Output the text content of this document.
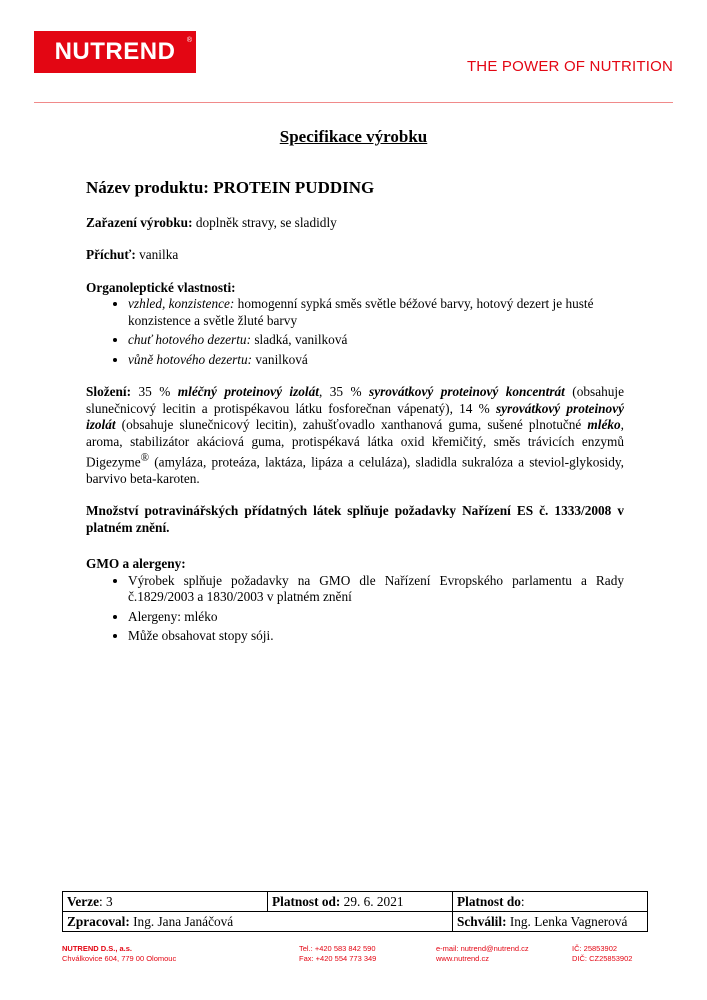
NUTREND ®
THE POWER OF NUTRITION
Specifikace výrobku
Název produktu: PROTEIN PUDDING

Zařazení výrobku: doplněk stravy, se sladidly

Příchuť: vanilka

Organoleptické vlastnosti:
• vzhled, konzistence: homogenní sypká směs světle béžové barvy, hotový dezert je husté konzistence a světle žluté barvy
• chuť hotového dezertu: sladká, vanilková
• vůně hotového dezertu: vanilková

Složení: 35 % mléčný proteinový izolát, 35 % syrovátkový proteinový koncentrát (obsahuje slunečnicový lecitin a protispékavou látku fosforečnan vápenatý), 14 % syrovátkový proteinový izolát (obsahuje slunečnicový lecitin), zahušťovadlo xanthanová guma, sušené plnotučné mléko, aroma, stabilizátor akáciová guma, protispékavá látka oxid křemičitý, směs trávicích enzymů Digezyme® (amyláza, proteáza, laktáza, lipáza a celuláza), sladidla sukralóza a steviol-glykosidy, barvivo beta-karoten.

Množství potravinářských přídatných látek splňuje požadavky Nařízení ES č. 1333/2008 v platném znění.

GMO a alergeny:
• Výrobek splňuje požadavky na GMO dle Nařízení Evropského parlamentu a Rady č.1829/2003 a 1830/2003 v platném znění
• Alergeny: mléko
• Může obsahovat stopy sóji.
Verze: 3	Platnost od: 29. 6. 2021	Platnost do:
Zpracoval: Ing. Jana Janáčová		Schválil: Ing. Lenka Vagnerová
NUTREND D.S., a.s.
Chválkovice 604, 779 00 Olomouc
Tel.: +420 583 842 590
Fax: +420 554 773 349
e-mail: nutrend@nutrend.cz
www.nutrend.cz
IČ: 25853902
DIČ: CZ25853902
